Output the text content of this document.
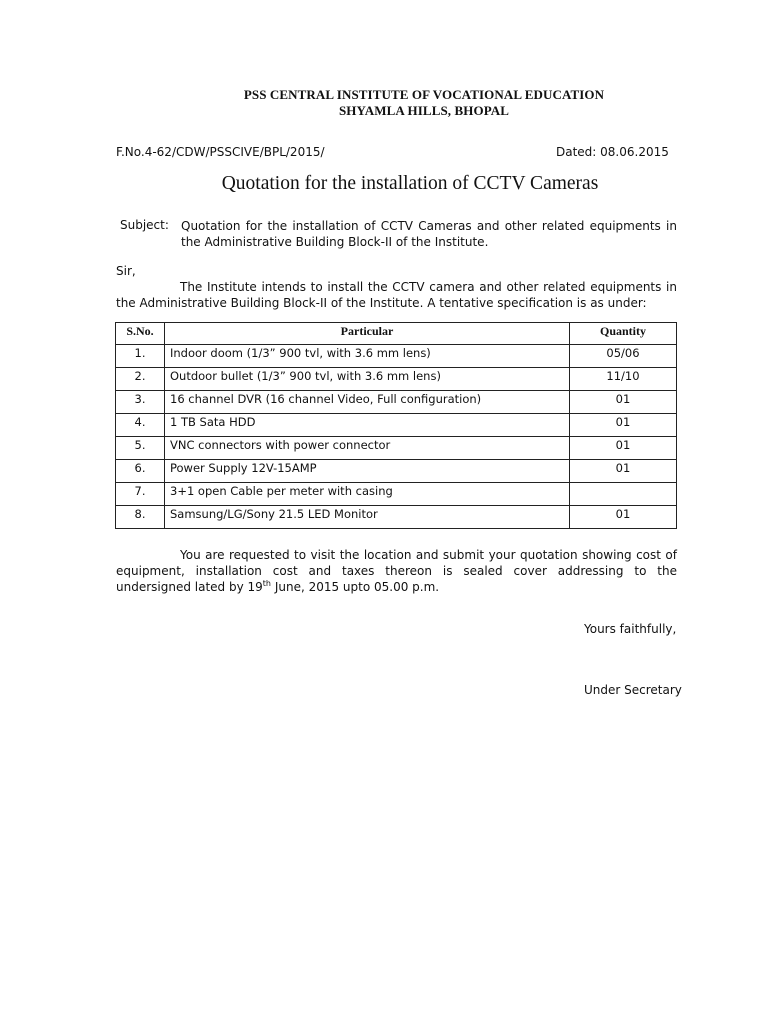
PSS CENTRAL INSTITUTE OF VOCATIONAL EDUCATION
SHYAMLA HILLS, BHOPAL
F.No.4-62/CDW/PSSCIVE/BPL/2015/	Dated: 08.06.2015
Quotation for the installation of CCTV Cameras
Subject: Quotation for the installation of CCTV Cameras and other related equipments in the Administrative Building Block-II of the Institute.
Sir,
The Institute intends to install the CCTV camera and other related equipments in the Administrative Building Block-II of the Institute. A tentative specification is as under:
S.No.	Particular	Quantity
1.	Indoor doom (1/3” 900 tvl, with 3.6 mm lens)	05/06
2.	Outdoor bullet (1/3” 900 tvl, with 3.6 mm lens)	11/10
3.	16 channel DVR (16 channel Video, Full configuration)	01
4.	1 TB Sata HDD	01
5.	VNC connectors with power connector	01
6.	Power Supply 12V-15AMP	01
7.	3+1 open Cable per meter with casing	
8.	Samsung/LG/Sony 21.5 LED Monitor	01
You are requested to visit the location and submit your quotation showing cost of equipment, installation cost and taxes thereon is sealed cover addressing to the undersigned lated by 19th June, 2015 upto 05.00 p.m.
Yours faithfully,
Under Secretary
